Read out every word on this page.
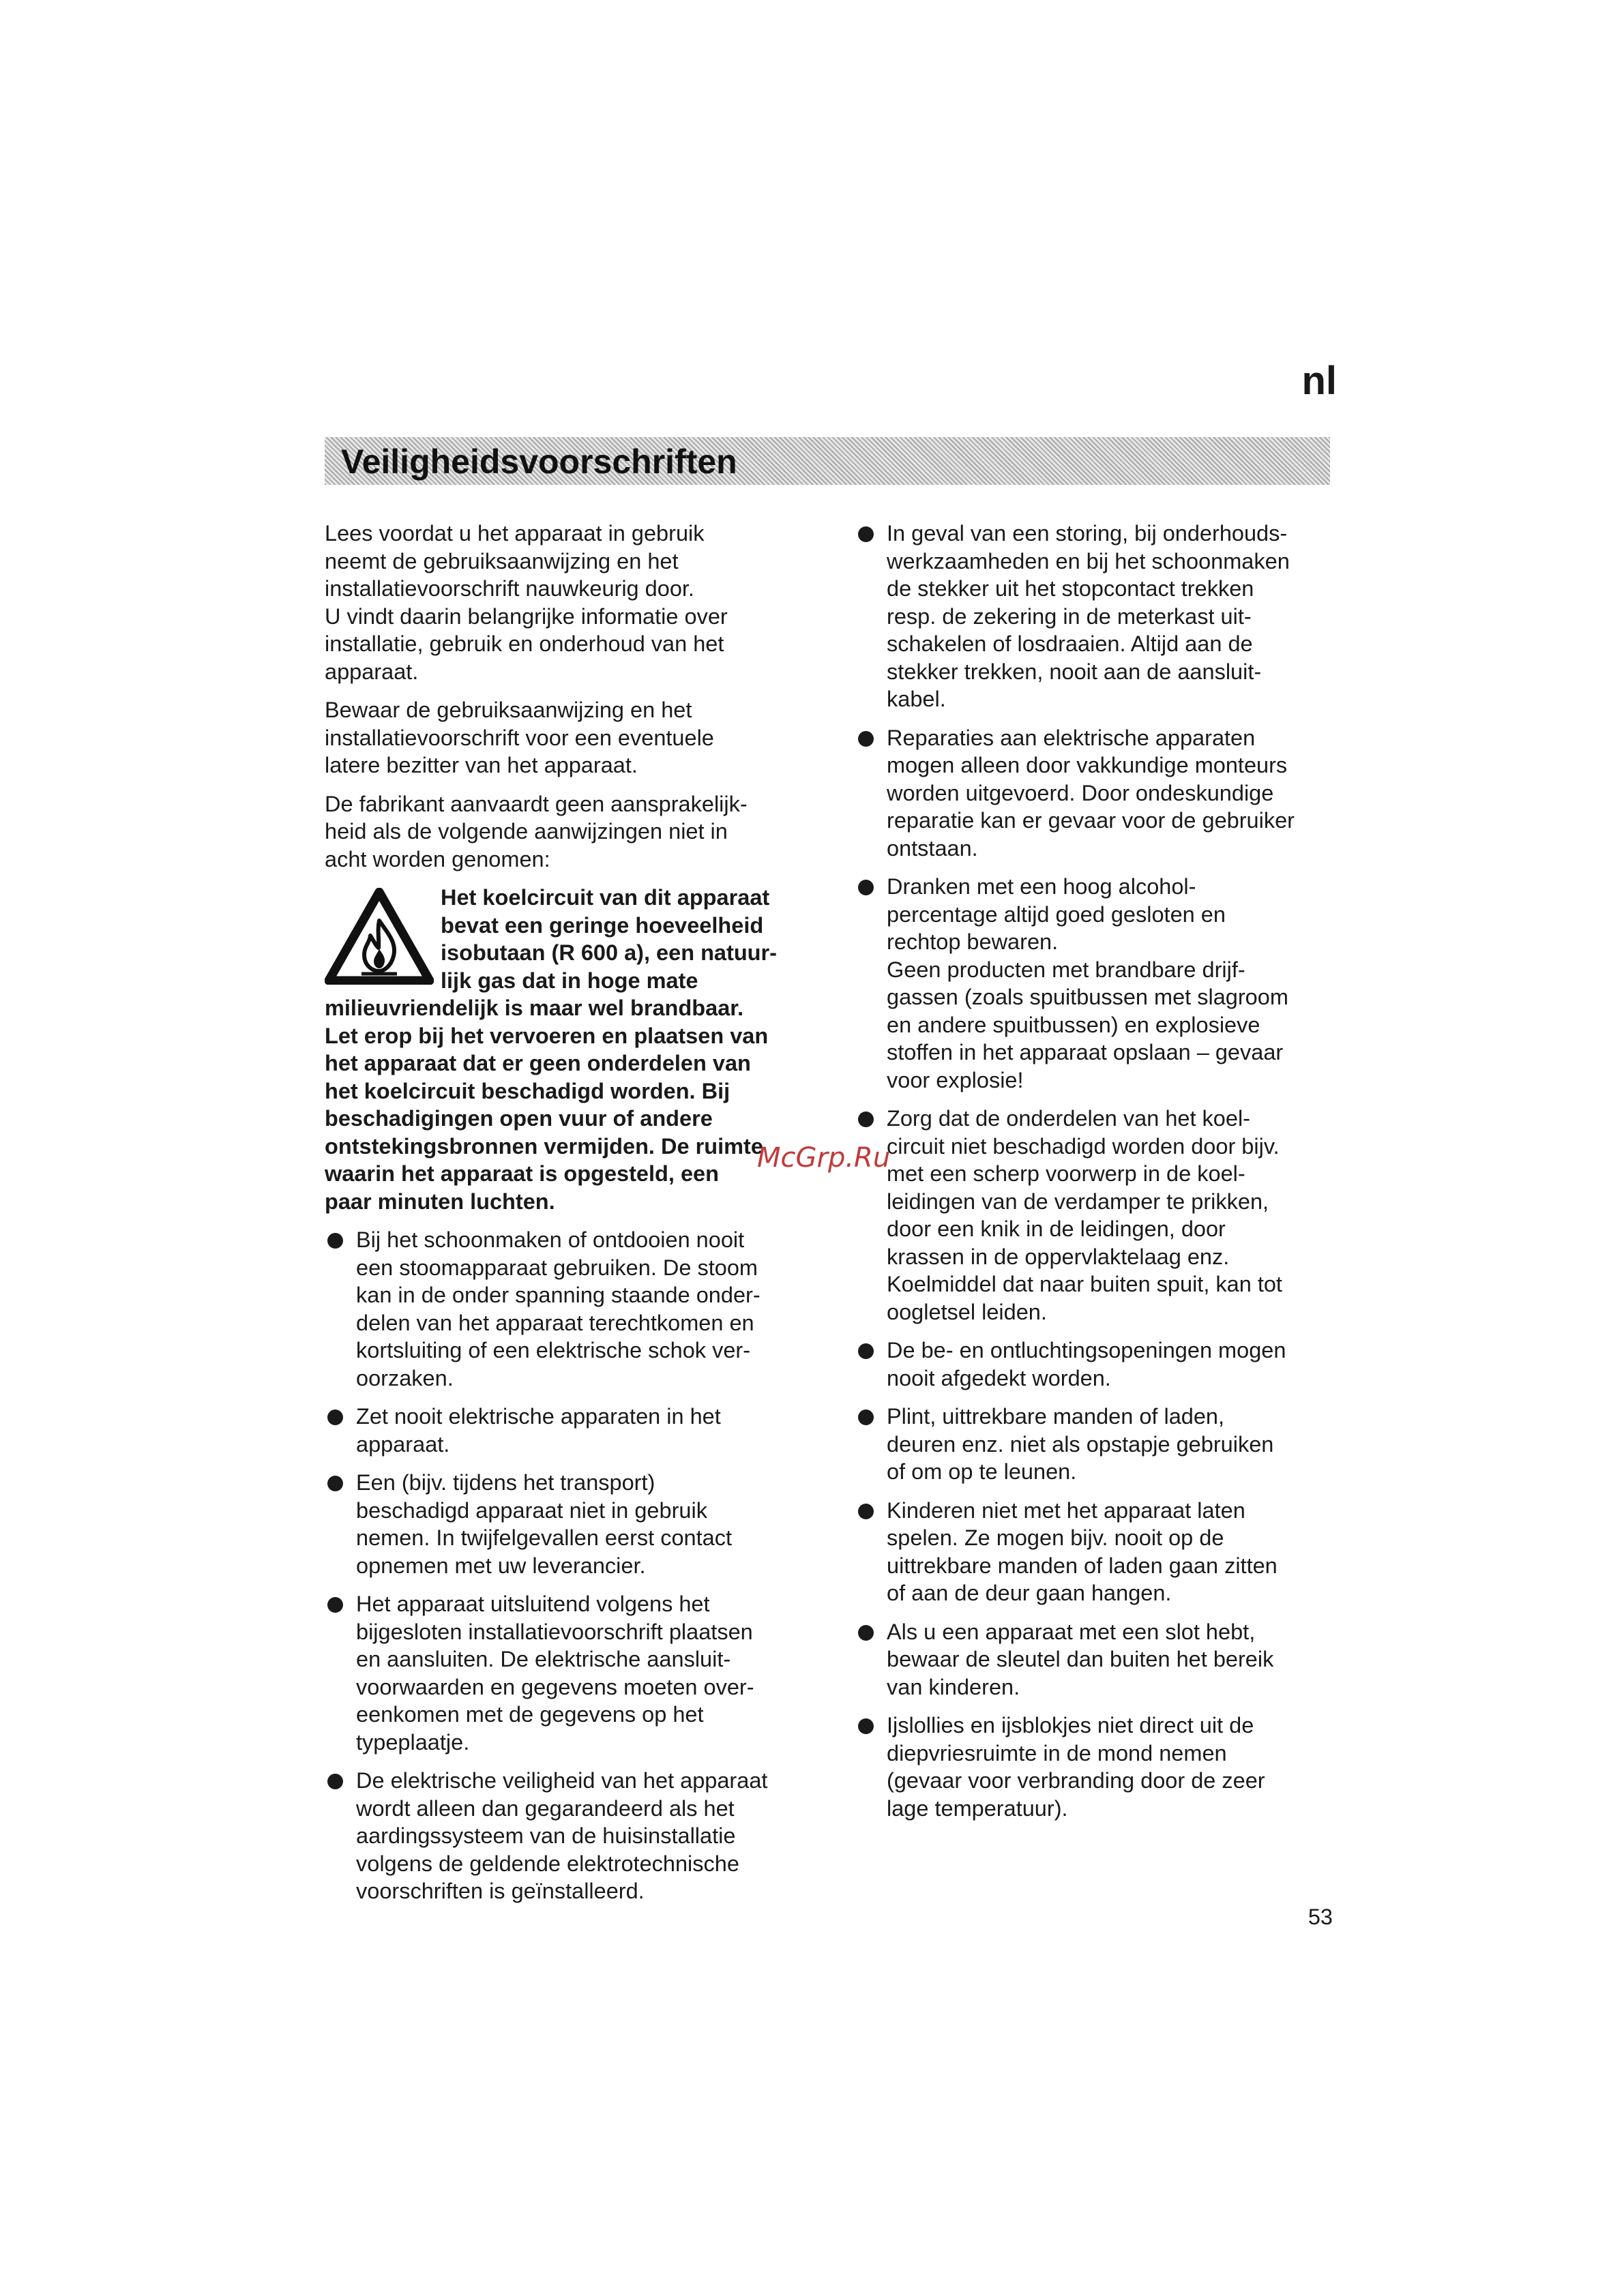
nl
Veiligheidsvoorschriften
Lees voordat u het apparaat in gebruik
neemt de gebruiksaanwijzing en het
installatievoorschrift nauwkeurig door.
U vindt daarin belangrijke informatie over
installatie, gebruik en onderhoud van het
apparaat.
Bewaar de gebruiksaanwijzing en het
installatievoorschrift voor een eventuele
latere bezitter van het apparaat.
De fabrikant aanvaardt geen aansprakelijk-
heid als de volgende aanwijzingen niet in
acht worden genomen:
Het koelcircuit van dit apparaat
bevat een geringe hoeveelheid
isobutaan (R 600 a), een natuur-
lijk gas dat in hoge mate
milieuvriendelijk is maar wel brandbaar.
Let erop bij het vervoeren en plaatsen van
het apparaat dat er geen onderdelen van
het koelcircuit beschadigd worden. Bij
beschadigingen open vuur of andere
ontstekingsbronnen vermijden. De ruimte
waarin het apparaat is opgesteld, een
paar minuten luchten.
Bij het schoonmaken of ontdooien nooit
een stoomapparaat gebruiken. De stoom
kan in de onder spanning staande onder-
delen van het apparaat terechtkomen en
kortsluiting of een elektrische schok ver-
oorzaken.
Zet nooit elektrische apparaten in het
apparaat.
Een (bijv. tijdens het transport)
beschadigd apparaat niet in gebruik
nemen. In twijfelgevallen eerst contact
opnemen met uw leverancier.
Het apparaat uitsluitend volgens het
bijgesloten installatievoorschrift plaatsen
en aansluiten. De elektrische aansluit-
voorwaarden en gegevens moeten over-
eenkomen met de gegevens op het
typeplaatje.
De elektrische veiligheid van het apparaat
wordt alleen dan gegarandeerd als het
aardingssysteem van de huisinstallatie
volgens de geldende elektrotechnische
voorschriften is geïnstalleerd.
In geval van een storing, bij onderhouds-
werkzaamheden en bij het schoonmaken
de stekker uit het stopcontact trekken
resp. de zekering in de meterkast uit-
schakelen of losdraaien. Altijd aan de
stekker trekken, nooit aan de aansluit-
kabel.
Reparaties aan elektrische apparaten
mogen alleen door vakkundige monteurs
worden uitgevoerd. Door ondeskundige
reparatie kan er gevaar voor de gebruiker
ontstaan.
Dranken met een hoog alcohol-
percentage altijd goed gesloten en
rechtop bewaren.
Geen producten met brandbare drijf-
gassen (zoals spuitbussen met slagroom
en andere spuitbussen) en explosieve
stoffen in het apparaat opslaan – gevaar
voor explosie!
Zorg dat de onderdelen van het koel-
circuit niet beschadigd worden door bijv.
met een scherp voorwerp in de koel-
leidingen van de verdamper te prikken,
door een knik in de leidingen, door
krassen in de oppervlaktelaag enz.
Koelmiddel dat naar buiten spuit, kan tot
oogletsel leiden.
De be- en ontluchtingsopeningen mogen
nooit afgedekt worden.
Plint, uittrekbare manden of laden,
deuren enz. niet als opstapje gebruiken
of om op te leunen.
Kinderen niet met het apparaat laten
spelen. Ze mogen bijv. nooit op de
uittrekbare manden of laden gaan zitten
of aan de deur gaan hangen.
Als u een apparaat met een slot hebt,
bewaar de sleutel dan buiten het bereik
van kinderen.
Ijslollies en ijsblokjes niet direct uit de
diepvriesruimte in de mond nemen
(gevaar voor verbranding door de zeer
lage temperatuur).
McGrp.Ru
53
